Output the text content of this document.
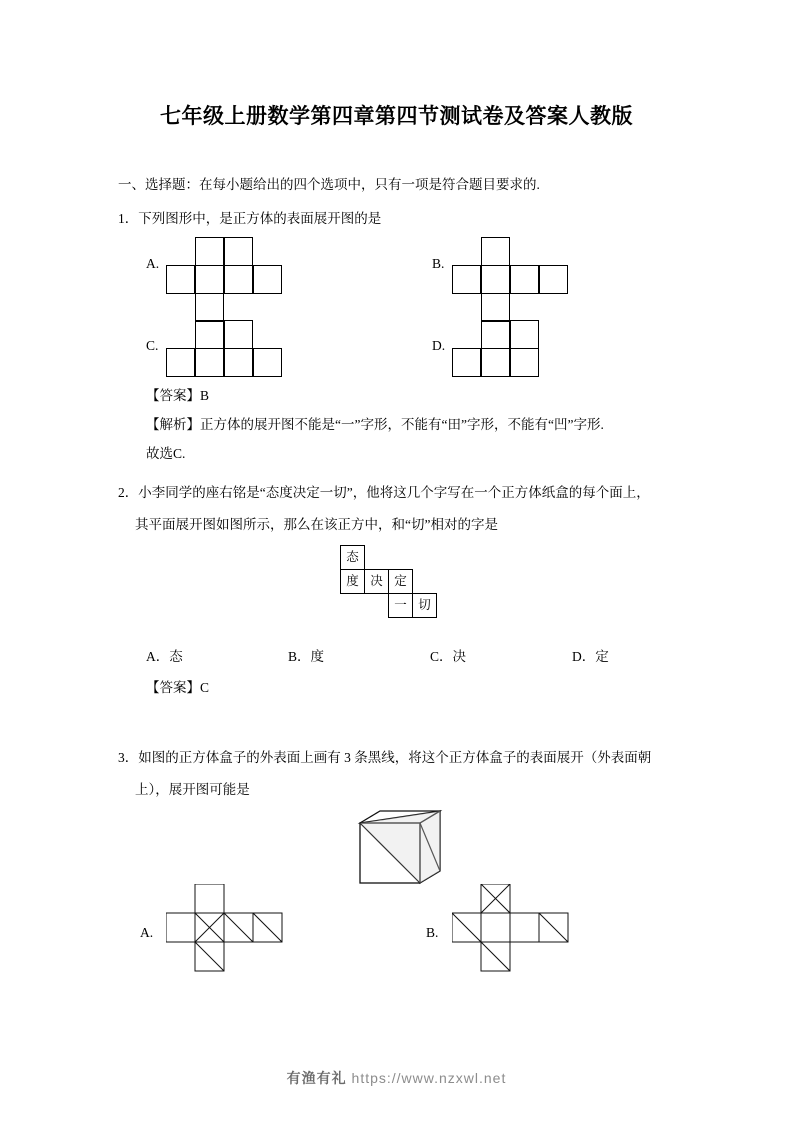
七年级上册数学第四章第四节测试卷及答案人教版
一、选择题：在每小题给出的四个选项中，只有一项是符合题目要求的.
1．下列图形中，是正方体的表面展开图的是
A.	B.
C.	D.
【答案】B
【解析】正方体的展开图不能是“一”字形，不能有“田”字形，不能有“凹”字形.
故选C.
2．小李同学的座右铭是“态度决定一切”，他将这几个字写在一个正方体纸盒的每个面上，
其平面展开图如图所示，那么在该正方中，和“切”相对的字是
态
度 决 定
一 切
A．态	B．度	C．决	D．定
【答案】C
3．如图的正方体盒子的外表面上画有 3 条黑线，将这个正方体盒子的表面展开（外表面朝
上），展开图可能是
A.	B.
有渔有礼 https://www.nzxwl.net
